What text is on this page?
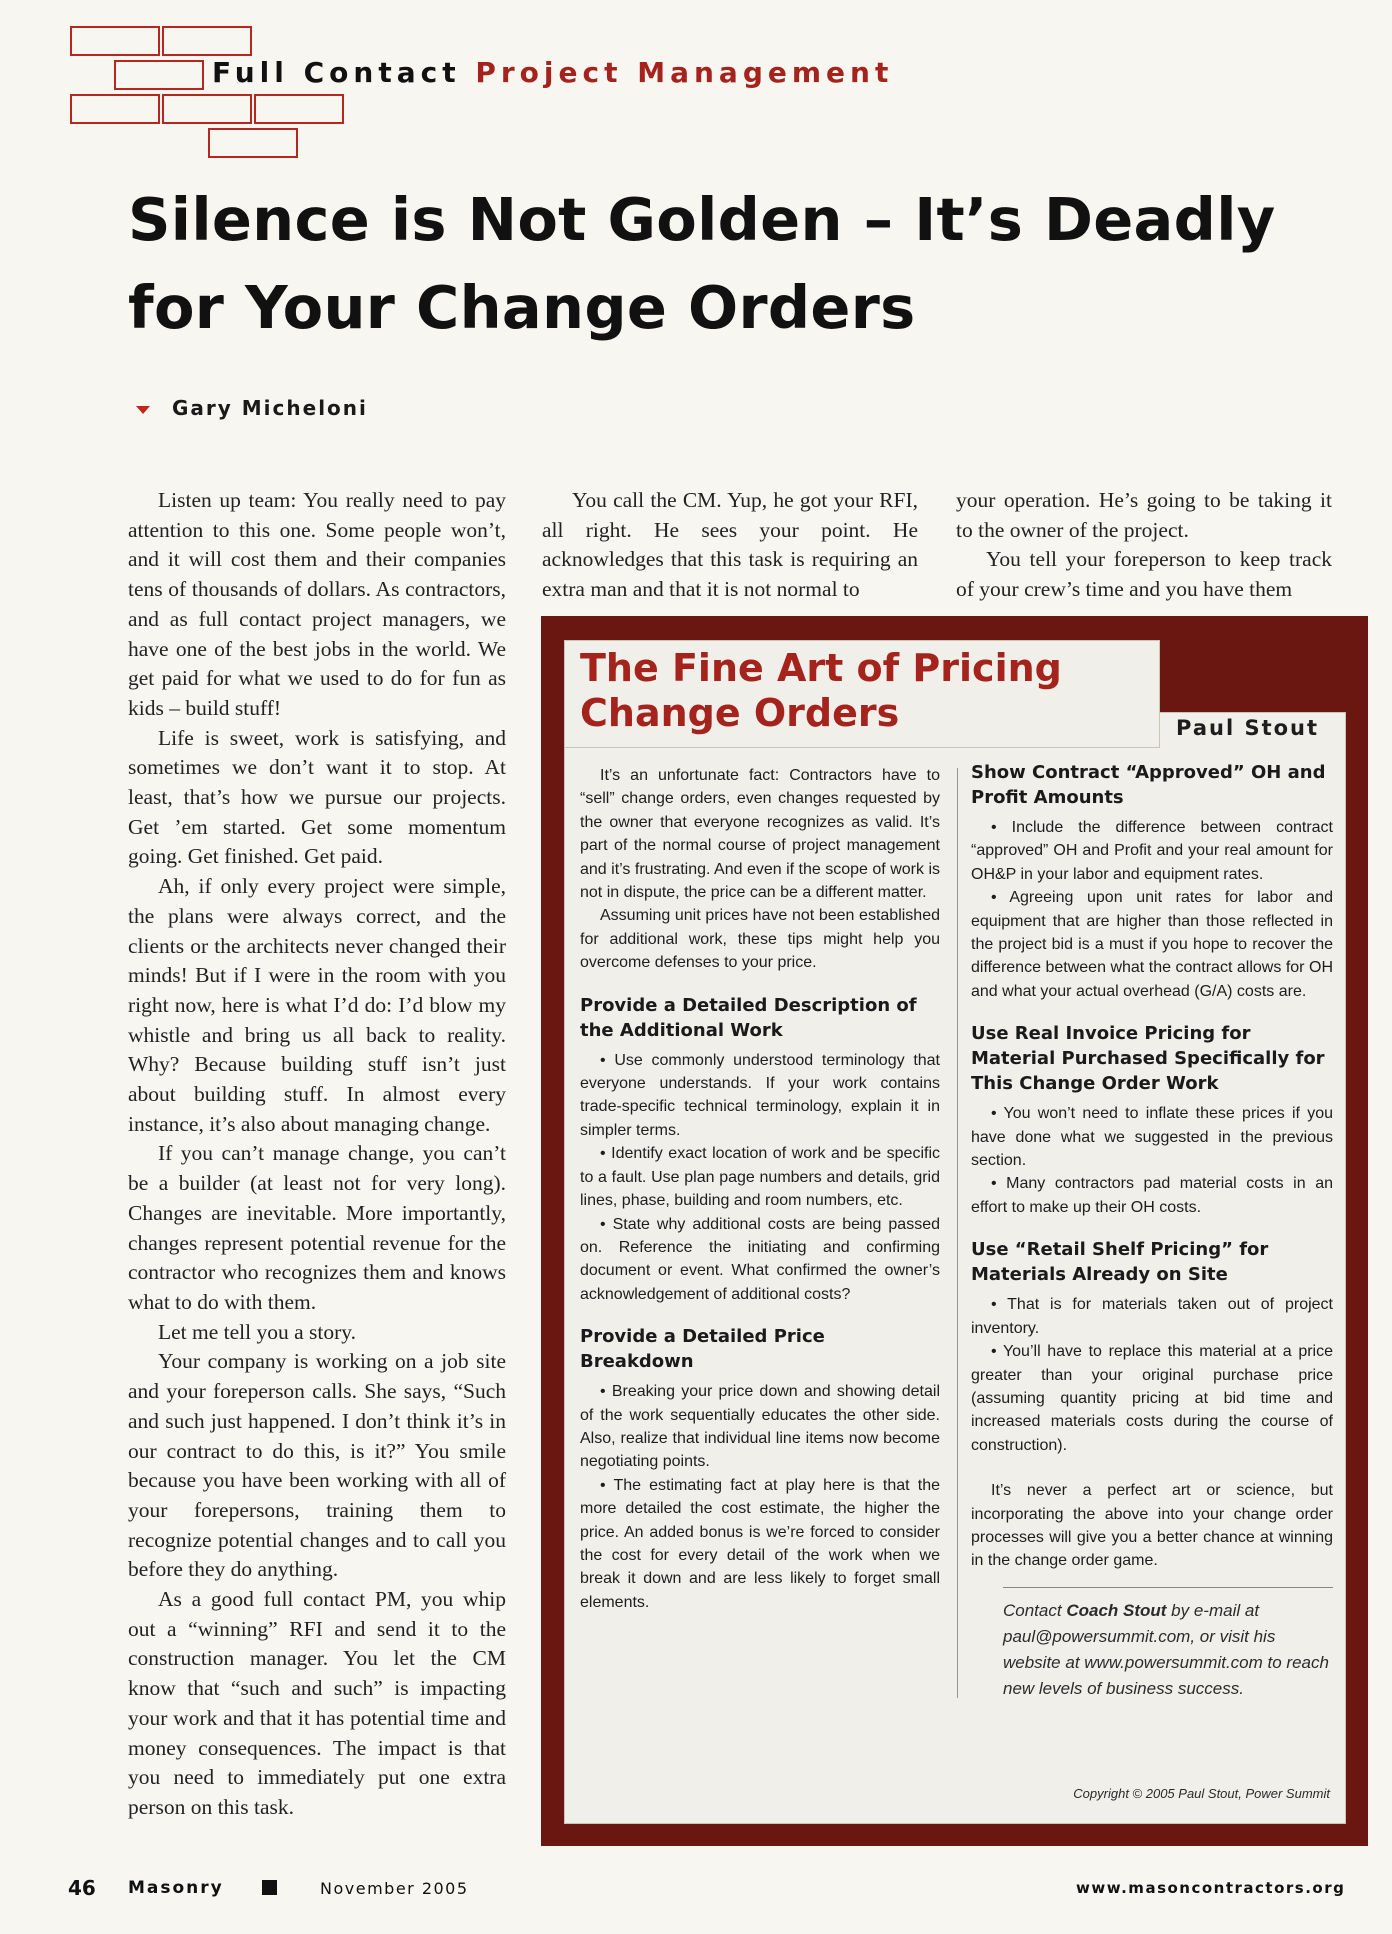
Full Contact Project Management
Silence is Not Golden – It’s Deadly for Your Change Orders
Gary Micheloni

Listen up team: You really need to pay attention to this one. Some people won’t, and it will cost them and their companies tens of thousands of dollars. As contractors, and as full contact project managers, we have one of the best jobs in the world. We get paid for what we used to do for fun as kids – build stuff!

Life is sweet, work is satisfying, and sometimes we don’t want it to stop. At least, that’s how we pursue our projects. Get ’em started. Get some momentum going. Get finished. Get paid.

Ah, if only every project were simple, the plans were always correct, and the clients or the architects never changed their minds! But if I were in the room with you right now, here is what I’d do: I’d blow my whistle and bring us all back to reality. Why? Because building stuff isn’t just about building stuff. In almost every instance, it’s also about managing change.

If you can’t manage change, you can’t be a builder (at least not for very long). Changes are inevitable. More importantly, changes represent potential revenue for the contractor who recognizes them and knows what to do with them.

Let me tell you a story.

Your company is working on a job site and your foreperson calls. She says, “Such and such just happened. I don’t think it’s in our contract to do this, is it?” You smile because you have been working with all of your forepersons, training them to recognize potential changes and to call you before they do anything.

As a good full contact PM, you whip out a “winning” RFI and send it to the construction manager. You let the CM know that “such and such” is impacting your work and that it has potential time and money consequences. The impact is that you need to immediately put one extra person on this task.

You call the CM. Yup, he got your RFI, all right. He sees your point. He acknowledges that this task is requiring an extra man and that it is not normal to

your operation. He’s going to be taking it to the owner of the project.

You tell your foreperson to keep track of your crew’s time and you have them

The Fine Art of Pricing Change Orders	Paul Stout

It’s an unfortunate fact: Contractors have to “sell” change orders, even changes requested by the owner that everyone recognizes as valid. It’s part of the normal course of project management and it’s frustrating. And even if the scope of work is not in dispute, the price can be a different matter.

Assuming unit prices have not been established for additional work, these tips might help you overcome defenses to your price.

Provide a Detailed Description of the Additional Work

• Use commonly understood terminology that everyone understands. If your work contains trade-specific technical terminology, explain it in simpler terms.

• Identify exact location of work and be specific to a fault. Use plan page numbers and details, grid lines, phase, building and room numbers, etc.

• State why additional costs are being passed on. Reference the initiating and confirming document or event. What confirmed the owner’s acknowledgement of additional costs?

Provide a Detailed Price Breakdown

• Breaking your price down and showing detail of the work sequentially educates the other side. Also, realize that individual line items now become negotiating points.

• The estimating fact at play here is that the more detailed the cost estimate, the higher the price. An added bonus is we’re forced to consider the cost for every detail of the work when we break it down and are less likely to forget small elements.

Show Contract “Approved” OH and Profit Amounts

• Include the difference between contract “approved” OH and Profit and your real amount for OH&P in your labor and equipment rates.

• Agreeing upon unit rates for labor and equipment that are higher than those reflected in the project bid is a must if you hope to recover the difference between what the contract allows for OH and what your actual overhead (G/A) costs are.

Use Real Invoice Pricing for Material Purchased Specifically for This Change Order Work

• You won’t need to inflate these prices if you have done what we suggested in the previous section.

• Many contractors pad material costs in an effort to make up their OH costs.

Use “Retail Shelf Pricing” for Materials Already on Site

• That is for materials taken out of project inventory.

• You’ll have to replace this material at a price greater than your original purchase price (assuming quantity pricing at bid time and increased materials costs during the course of construction).

It’s never a perfect art or science, but incorporating the above into your change order processes will give you a better chance at winning in the change order game.

Contact Coach Stout by e-mail at paul@powersummit.com, or visit his website at www.powersummit.com to reach new levels of business success.
Copyright © 2005 Paul Stout, Power Summit
46 Masonry	November 2005	www.masoncontractors.org
